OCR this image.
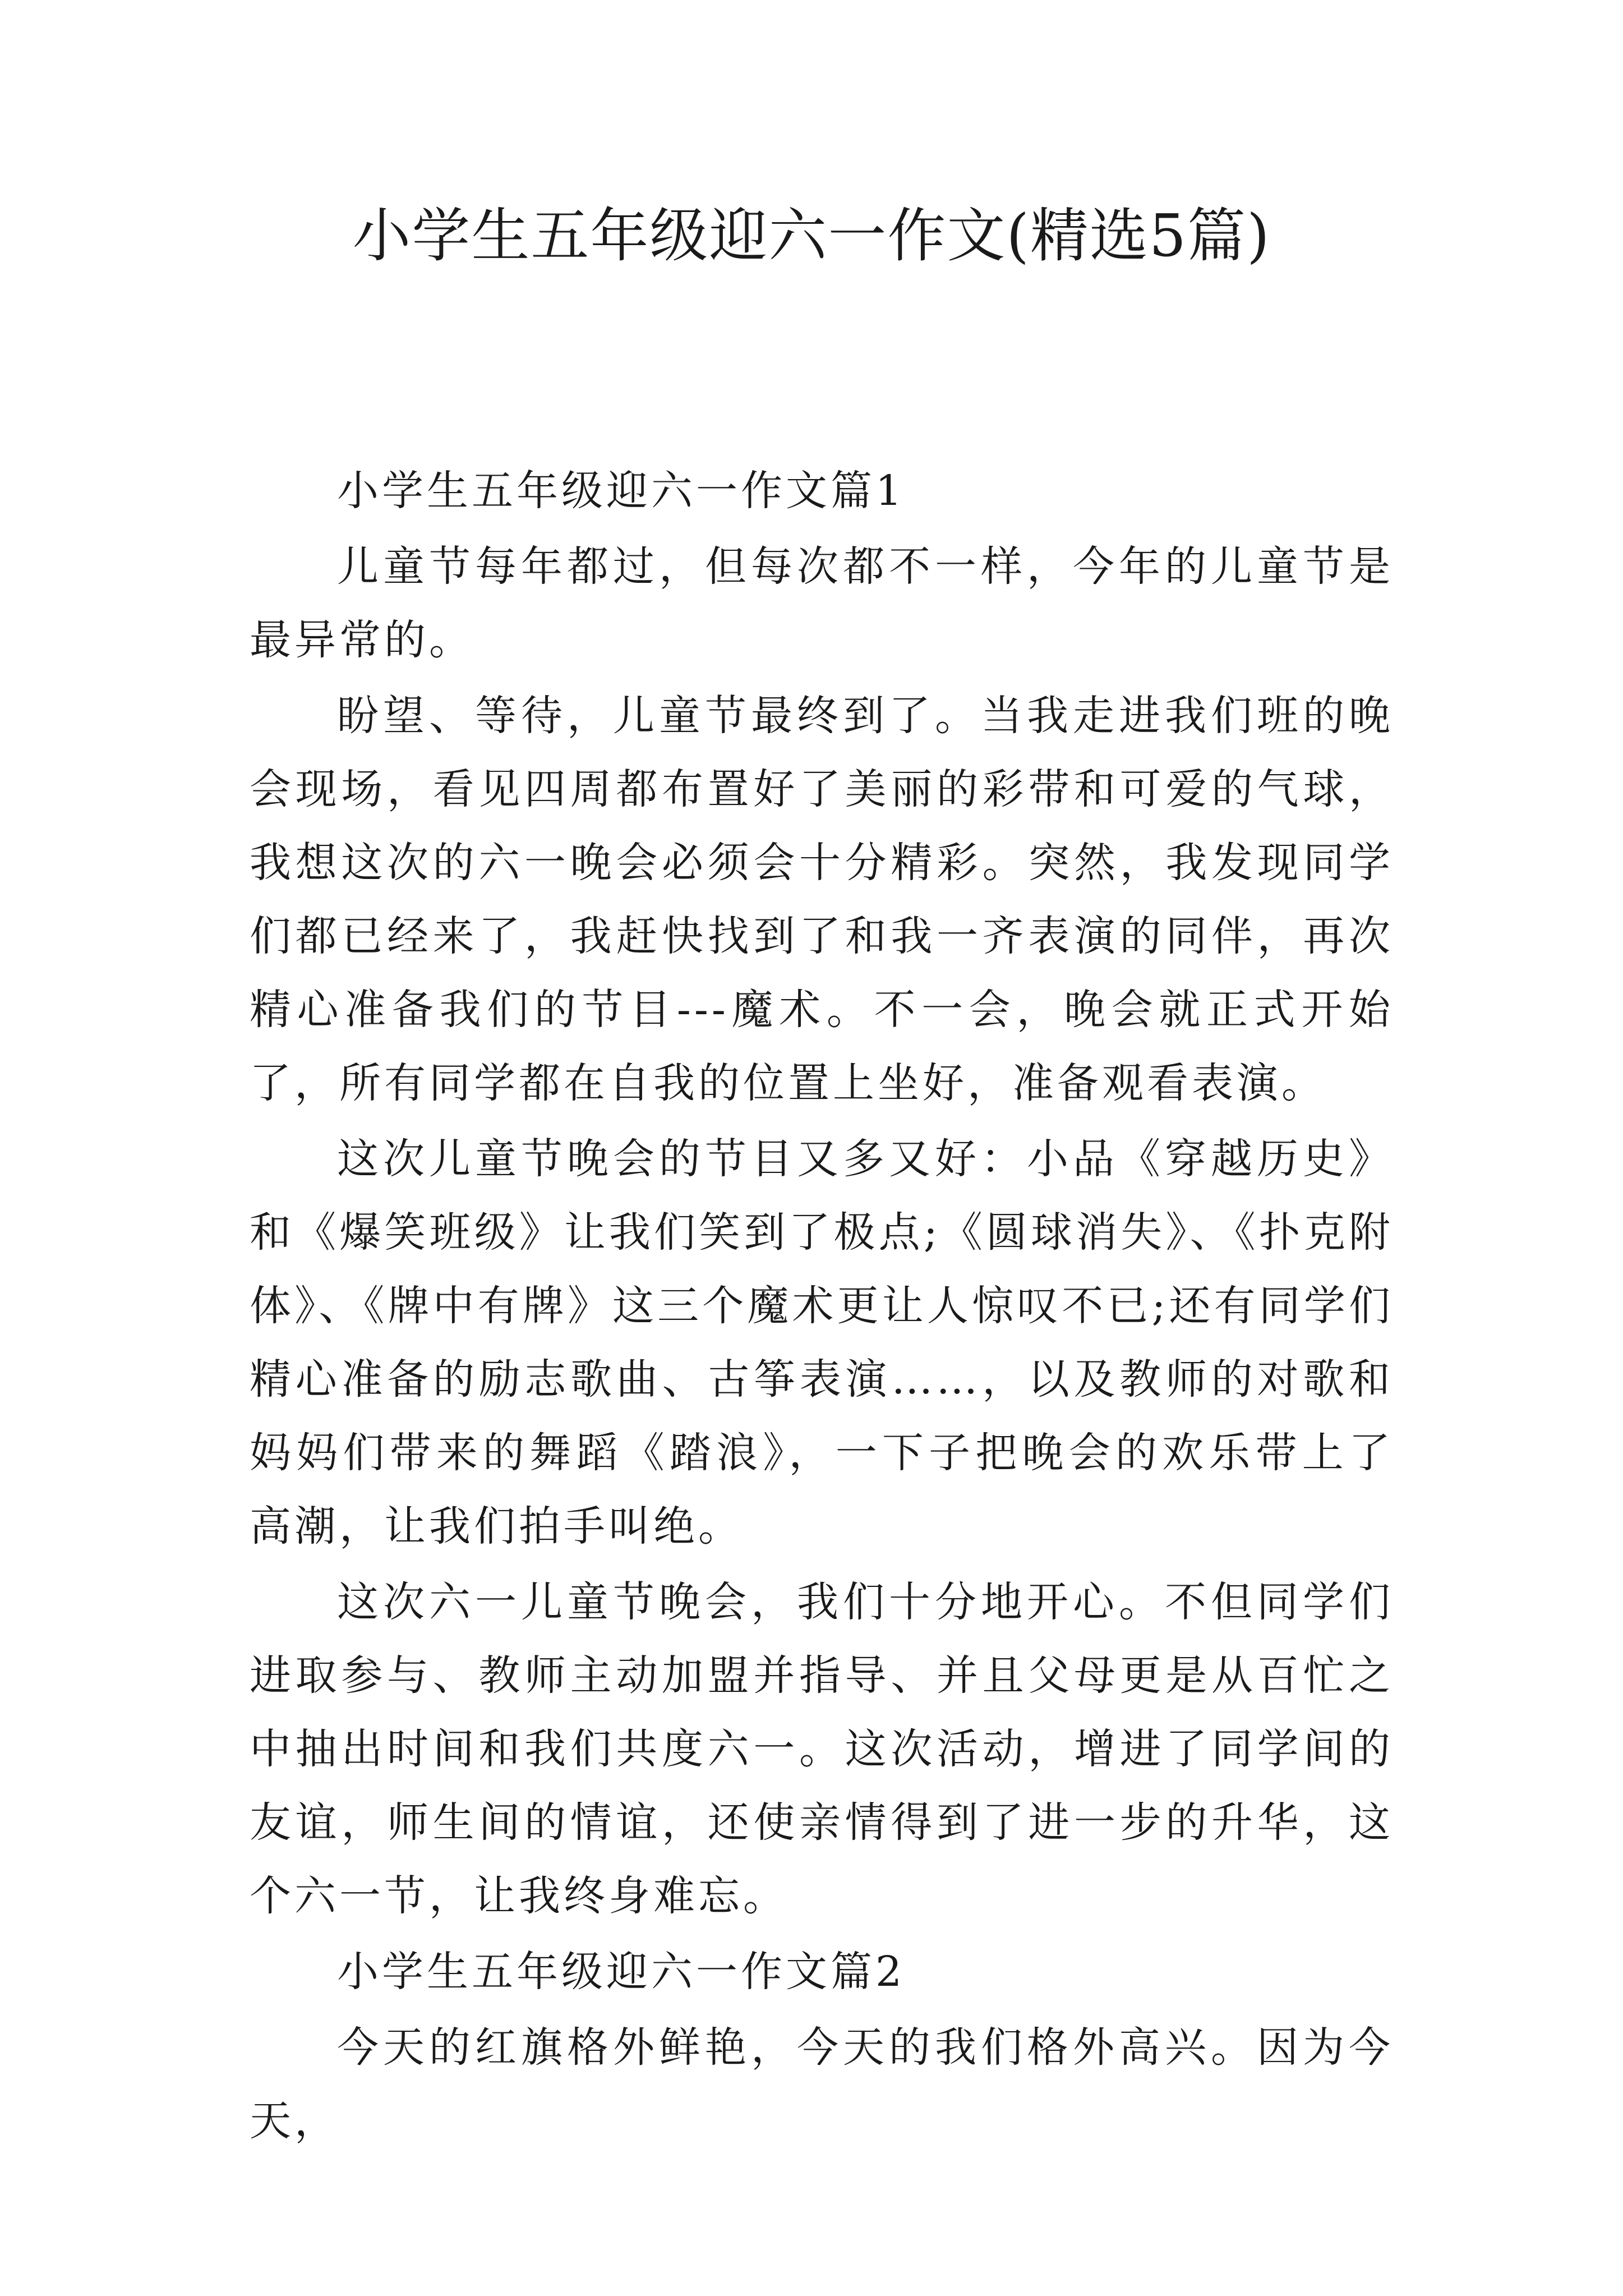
小学生五年级迎六一作文(精选5篇)

小学生五年级迎六一作文篇1

儿童节每年都过，但每次都不一样，今年的儿童节是最异常的。

盼望、等待，儿童节最终到了。当我走进我们班的晚会现场，看见四周都布置好了美丽的彩带和可爱的气球，我想这次的六一晚会必须会十分精彩。突然，我发现同学们都已经来了，我赶快找到了和我一齐表演的同伴，再次精心准备我们的节目---魔术。不一会，晚会就正式开始了，所有同学都在自我的位置上坐好，准备观看表演。

这次儿童节晚会的节目又多又好：小品《穿越历史》和《爆笑班级》让我们笑到了极点;《圆球消失》、《扑克附体》、《牌中有牌》这三个魔术更让人惊叹不已;还有同学们精心准备的励志歌曲、古筝表演……，以及教师的对歌和妈妈们带来的舞蹈《踏浪》，一下子把晚会的欢乐带上了高潮，让我们拍手叫绝。

这次六一儿童节晚会，我们十分地开心。不但同学们进取参与、教师主动加盟并指导、并且父母更是从百忙之中抽出时间和我们共度六一。这次活动，增进了同学间的友谊，师生间的情谊，还使亲情得到了进一步的升华，这个六一节，让我终身难忘。

小学生五年级迎六一作文篇2

今天的红旗格外鲜艳，今天的我们格外高兴。因为今天，
